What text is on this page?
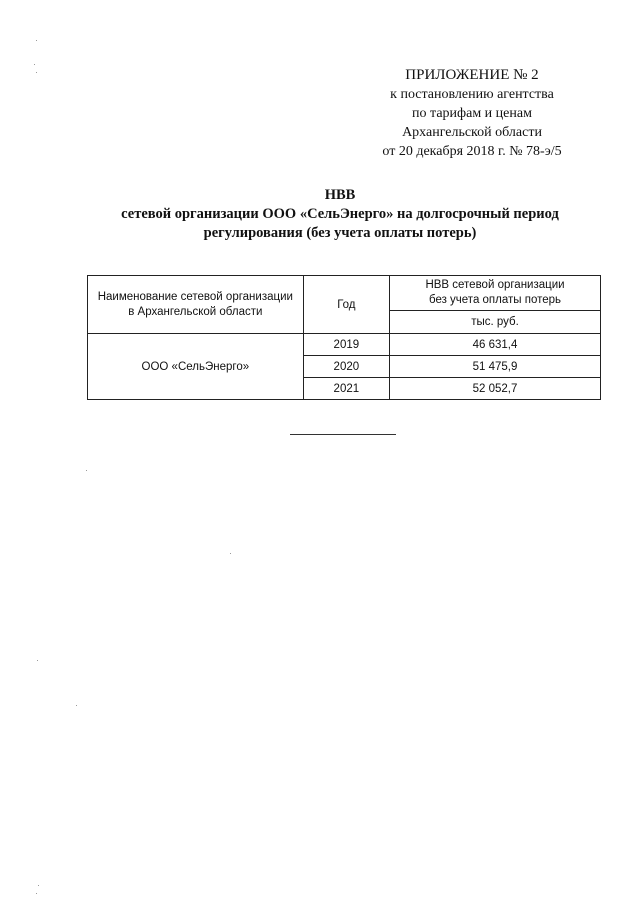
ПРИЛОЖЕНИЕ № 2
к постановлению агентства
по тарифам и ценам
Архангельской области
от 20 декабря 2018 г. № 78-э/5
НВВ
сетевой организации ООО «СельЭнерго» на долгосрочный период
регулирования (без учета оплаты потерь)
Наименование сетевой организации
в Архангельской области	Год	НВВ сетевой организации
без учета оплаты потерь
		тыс. руб.
ООО «СельЭнерго»	2019	46 631,4
	2020	51 475,9
	2021	52 052,7
